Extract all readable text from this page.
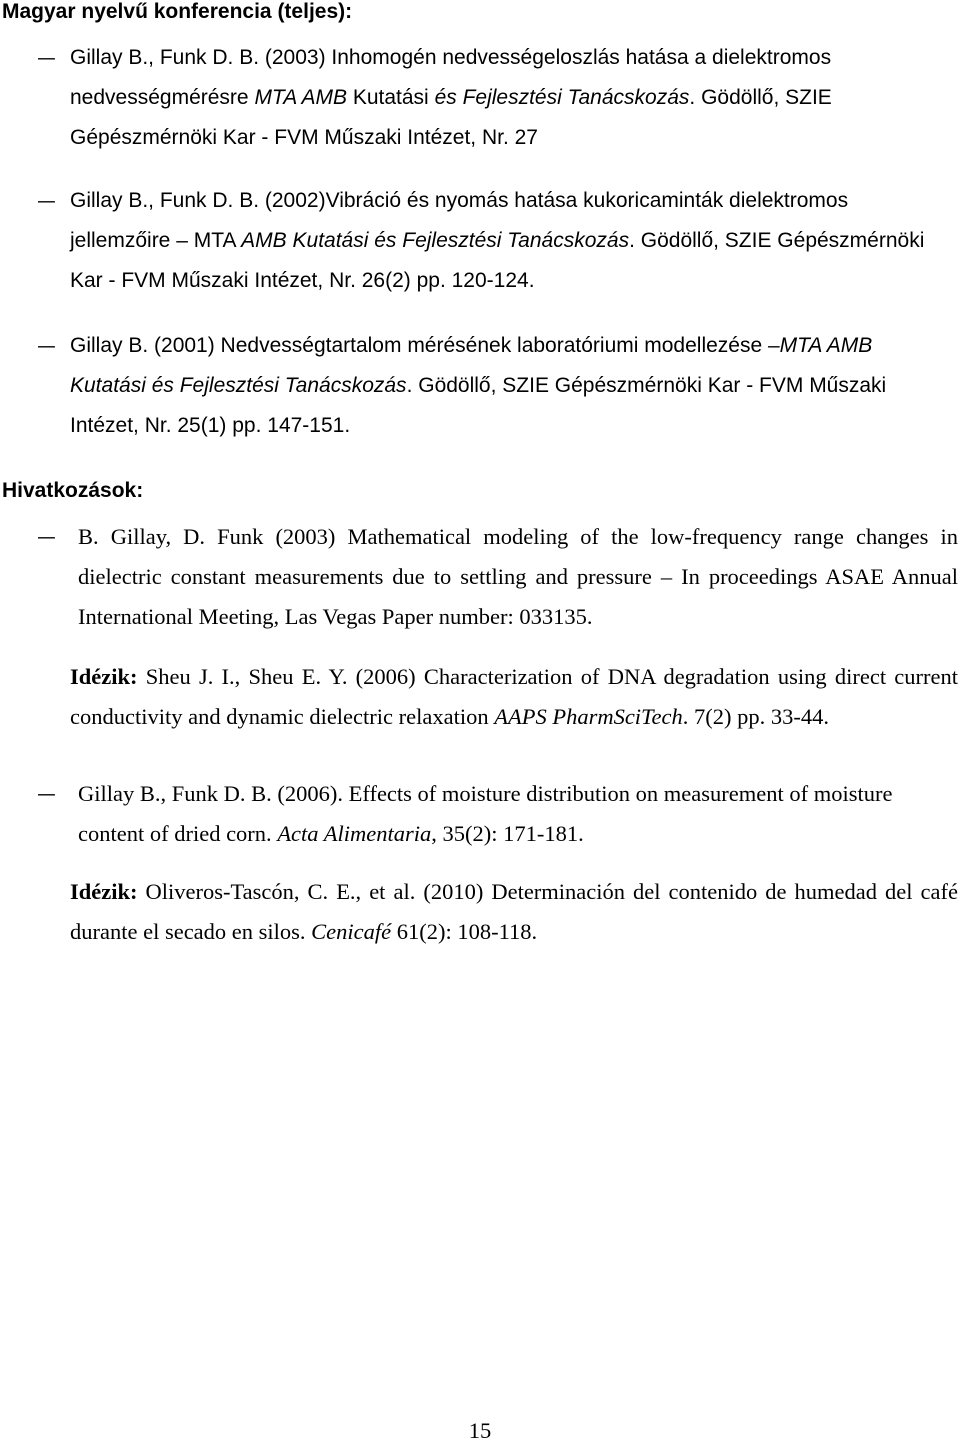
Magyar nyelvű konferencia (teljes):
– Gillay B., Funk D. B. (2003) Inhomogén nedvességeloszlás hatása a dielektromos
nedvességmérésre MTA AMB Kutatási és Fejlesztési Tanácskozás. Gödöllő, SZIE
Gépészmérnöki Kar - FVM Műszaki Intézet, Nr. 27
– Gillay B., Funk D. B. (2002)Vibráció és nyomás hatása kukoricaminták dielektromos
jellemzőire – MTA AMB Kutatási és Fejlesztési Tanácskozás. Gödöllő, SZIE Gépészmérnöki
Kar - FVM Műszaki Intézet, Nr. 26(2) pp. 120-124.
– Gillay B. (2001) Nedvességtartalom mérésének laboratóriumi modellezése –MTA AMB
Kutatási és Fejlesztési Tanácskozás. Gödöllő, SZIE Gépészmérnöki Kar - FVM Műszaki
Intézet, Nr. 25(1) pp. 147-151.
Hivatkozások:
– B. Gillay, D. Funk (2003) Mathematical modeling of the low-frequency range changes in
dielectric constant measurements due to settling and pressure – In proceedings ASAE Annual
International Meeting, Las Vegas Paper number: 033135.
Idézik: Sheu J. I., Sheu E. Y. (2006) Characterization of DNA degradation using direct current
conductivity and dynamic dielectric relaxation AAPS PharmSciTech. 7(2) pp. 33-44.
– Gillay B., Funk D. B. (2006). Effects of moisture distribution on measurement of moisture
content of dried corn. Acta Alimentaria, 35(2): 171-181.
Idézik: Oliveros-Tascón, C. E., et al. (2010) Determinación del contenido de humedad del café
durante el secado en silos. Cenicafé 61(2): 108-118.
15
